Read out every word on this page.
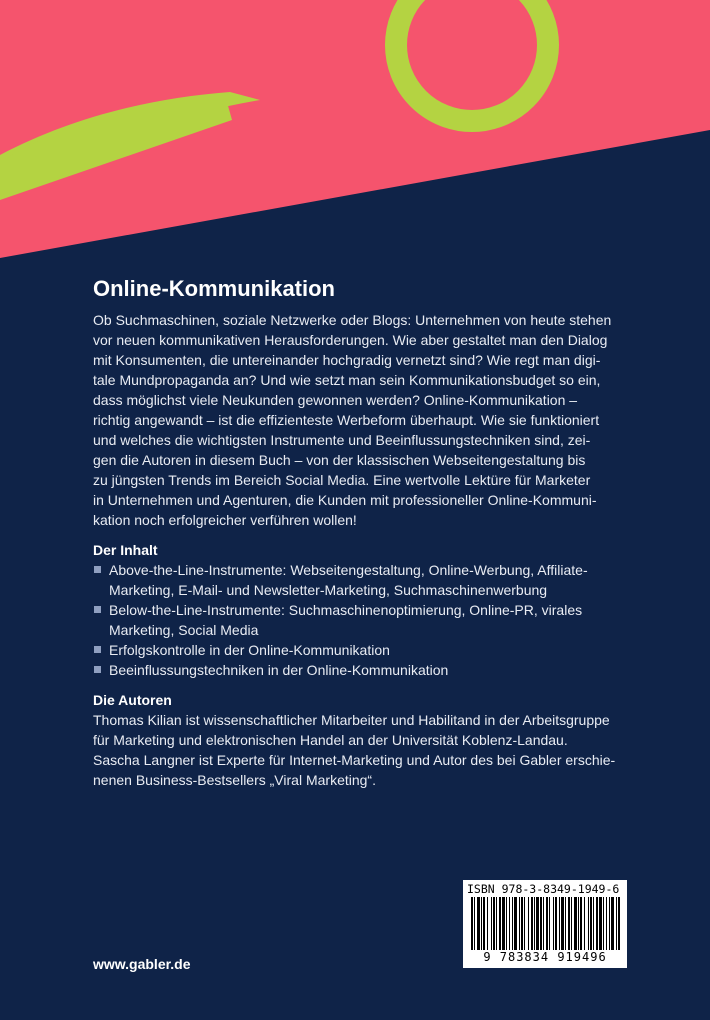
Online-Kommunikation

Ob Suchmaschinen, soziale Netzwerke oder Blogs: Unternehmen von heute stehen
vor neuen kommunikativen Herausforderungen. Wie aber gestaltet man den Dialog
mit Konsumenten, die untereinander hochgradig vernetzt sind? Wie regt man digi-
tale Mundpropaganda an? Und wie setzt man sein Kommunikationsbudget so ein,
dass möglichst viele Neukunden gewonnen werden? Online-Kommunikation –
richtig angewandt – ist die effizienteste Werbeform überhaupt. Wie sie funktioniert
und welches die wichtigsten Instrumente und Beeinflussungstechniken sind, zei-
gen die Autoren in diesem Buch – von der klassischen Webseitengestaltung bis
zu jüngsten Trends im Bereich Social Media. Eine wertvolle Lektüre für Marketer
in Unternehmen und Agenturen, die Kunden mit professioneller Online-Kommuni-
kation noch erfolgreicher verführen wollen!

Der Inhalt
Above-the-Line-Instrumente: Webseitengestaltung, Online-Werbung, Affiliate-
Marketing, E-Mail- und Newsletter-Marketing, Suchmaschinenwerbung
Below-the-Line-Instrumente: Suchmaschinenoptimierung, Online-PR, virales
Marketing, Social Media
Erfolgskontrolle in der Online-Kommunikation
Beeinflussungstechniken in der Online-Kommunikation
Die Autoren

Thomas Kilian ist wissenschaftlicher Mitarbeiter und Habilitand in der Arbeitsgruppe
für Marketing und elektronischen Handel an der Universität Koblenz-Landau.
Sascha Langner ist Experte für Internet-Marketing und Autor des bei Gabler erschie-
nenen Business-Bestsellers „Viral Marketing“.

www.gabler.de
ISBN 978-3-8349-1949-6
9 783834 919496
